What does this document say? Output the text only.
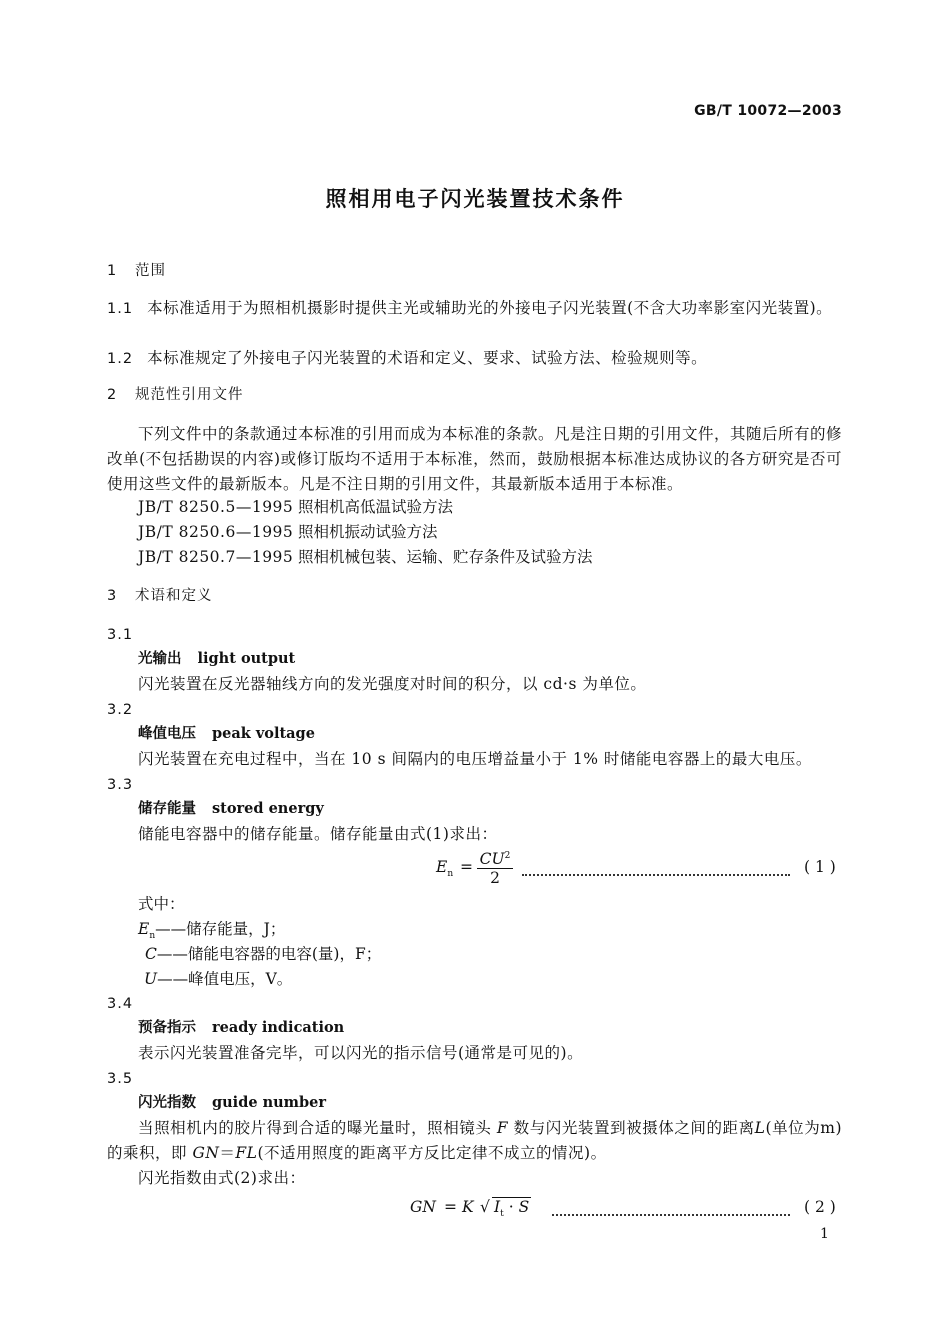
GB/T 10072—2003
照相用电子闪光装置技术条件
1 范围
1.1 本标准适用于为照相机摄影时提供主光或辅助光的外接电子闪光装置(不含大功率影室闪光装置)。
1.2 本标准规定了外接电子闪光装置的术语和定义、要求、试验方法、检验规则等。
2 规范性引用文件
下列文件中的条款通过本标准的引用而成为本标准的条款。凡是注日期的引用文件，其随后所有的修改单(不包括勘误的内容)或修订版均不适用于本标准，然而，鼓励根据本标准达成协议的各方研究是否可使用这些文件的最新版本。凡是不注日期的引用文件，其最新版本适用于本标准。
JB/T 8250.5—1995 照相机高低温试验方法
JB/T 8250.6—1995 照相机振动试验方法
JB/T 8250.7—1995 照相机械包装、运输、贮存条件及试验方法
3 术语和定义
3.1
光输出 light output
闪光装置在反光器轴线方向的发光强度对时间的积分，以 cd·s 为单位。
3.2
峰值电压 peak voltage
闪光装置在充电过程中，当在 10 s 间隔内的电压增益量小于 1% 时储能电容器上的最大电压。
3.3
储存能量 stored energy
储能电容器中的储存能量。储存能量由式(1)求出：
$E_n = \frac{CU^2}{2}$	( 1 )
式中：
$E_n——$储存能量，J；
C——储能电容器的电容(量)，F；
U——峰值电压，V。
3.4
预备指示 ready indication
表示闪光装置准备完毕，可以闪光的指示信号(通常是可见的)。
3.5
闪光指数 guide number
当照相机内的胶片得到合适的曝光量时，照相镜头 F 数与闪光装置到被摄体之间的距离L(单位为m)的乘积，即 GN＝FL(不适用照度的距离平方反比定律不成立的情况)。
闪光指数由式(2)求出：
GN = K √ $I_t \cdot S$	( 2 )
1
